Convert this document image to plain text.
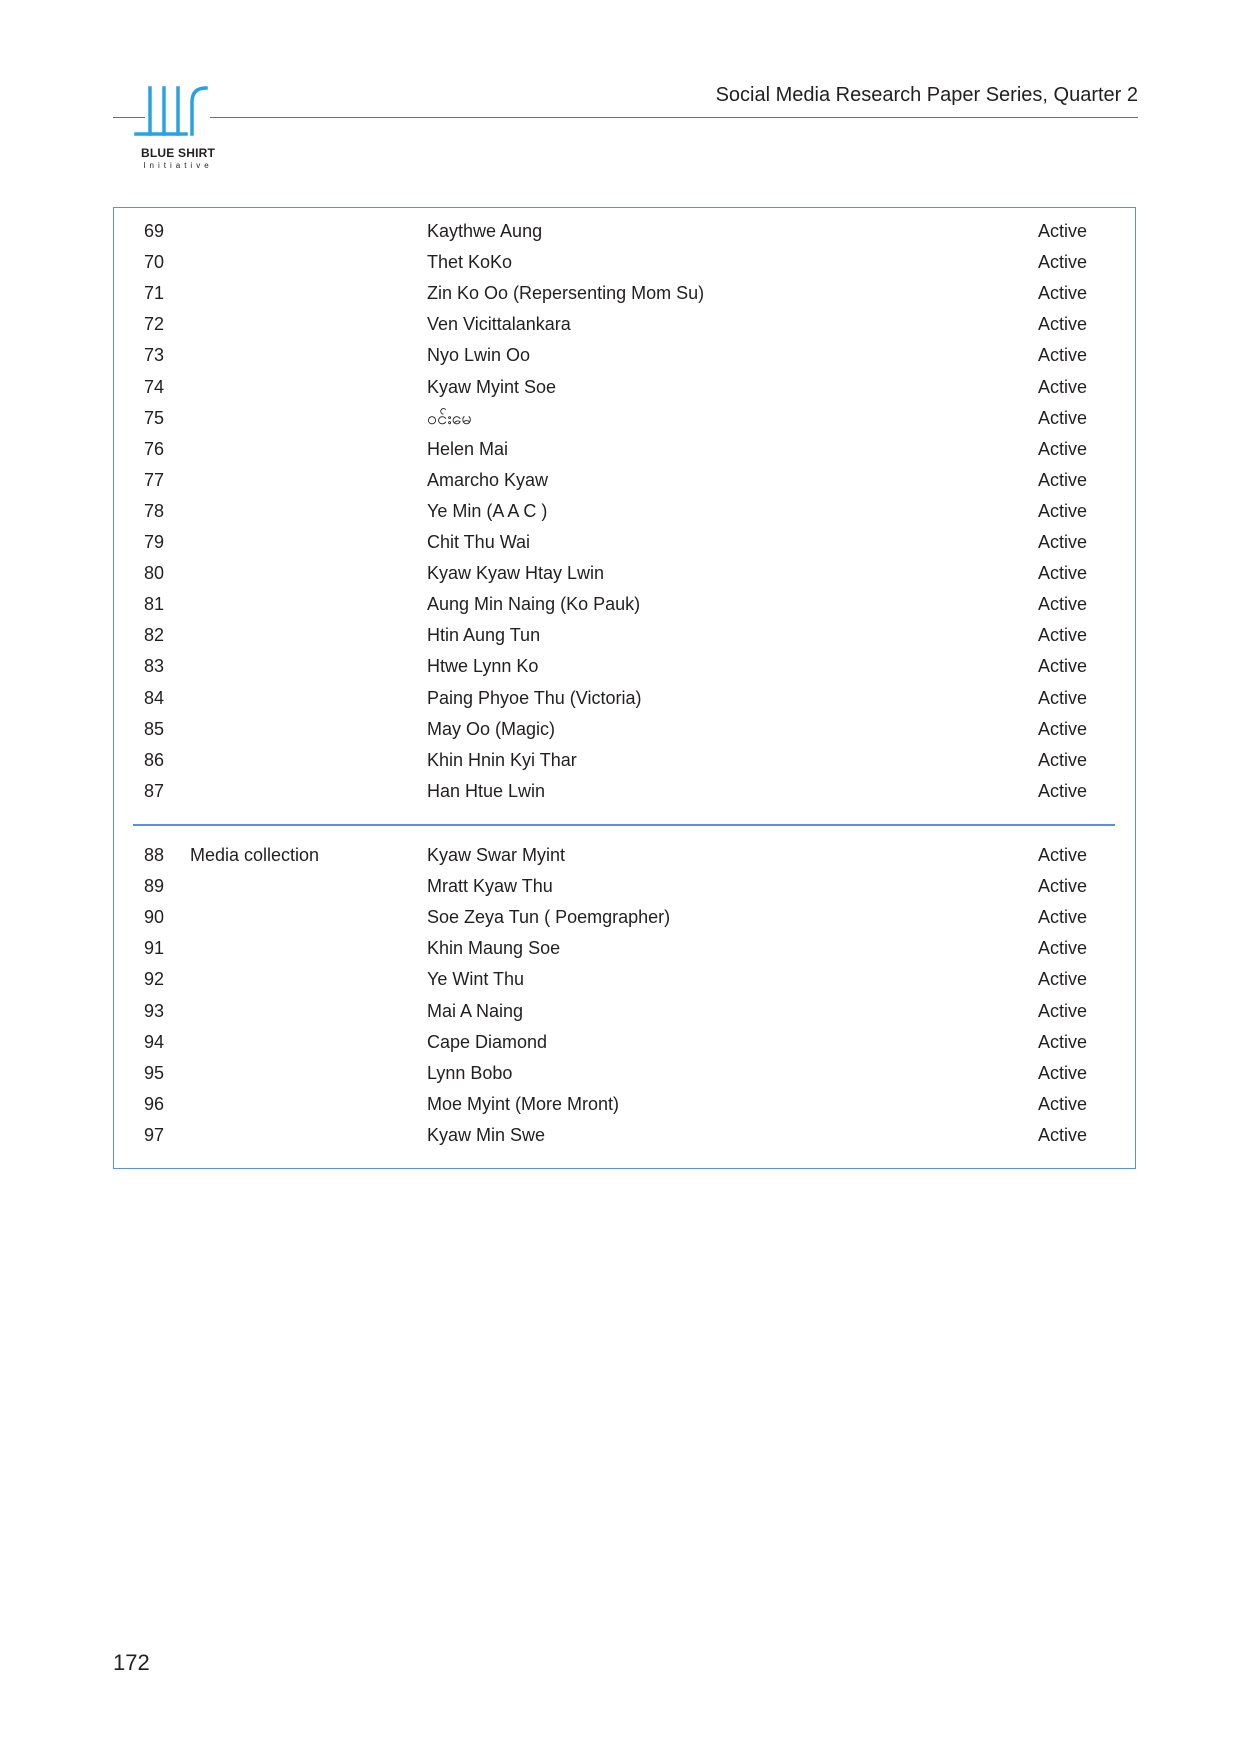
BLUE SHIRT
Initiative
Social Media Research Paper Series, Quarter 2
69	Kaythwe Aung	Active
70	Thet KoKo	Active
71	Zin Ko Oo (Repersenting Mom Su)	Active
72	Ven Vicittalankara	Active
73	Nyo Lwin Oo	Active
74	Kyaw Myint Soe	Active
75	ဝင်းမေ	Active
76	Helen Mai	Active
77	Amarcho Kyaw	Active
78	Ye Min (A A C )	Active
79	Chit Thu Wai	Active
80	Kyaw Kyaw Htay Lwin	Active
81	Aung Min Naing (Ko Pauk)	Active
82	Htin Aung Tun	Active
83	Htwe Lynn Ko	Active
84	Paing Phyoe Thu (Victoria)	Active
85	May Oo (Magic)	Active
86	Khin Hnin Kyi Thar	Active
87	Han Htue Lwin	Active
88 Media collection	Kyaw Swar Myint	Active
89	Mratt Kyaw Thu	Active
90	Soe Zeya Tun ( Poemgrapher)	Active
91	Khin Maung Soe	Active
92	Ye Wint Thu	Active
93	Mai A Naing	Active
94	Cape Diamond	Active
95	Lynn Bobo	Active
96	Moe Myint (More Mront)	Active
97	Kyaw Min Swe	Active
172
